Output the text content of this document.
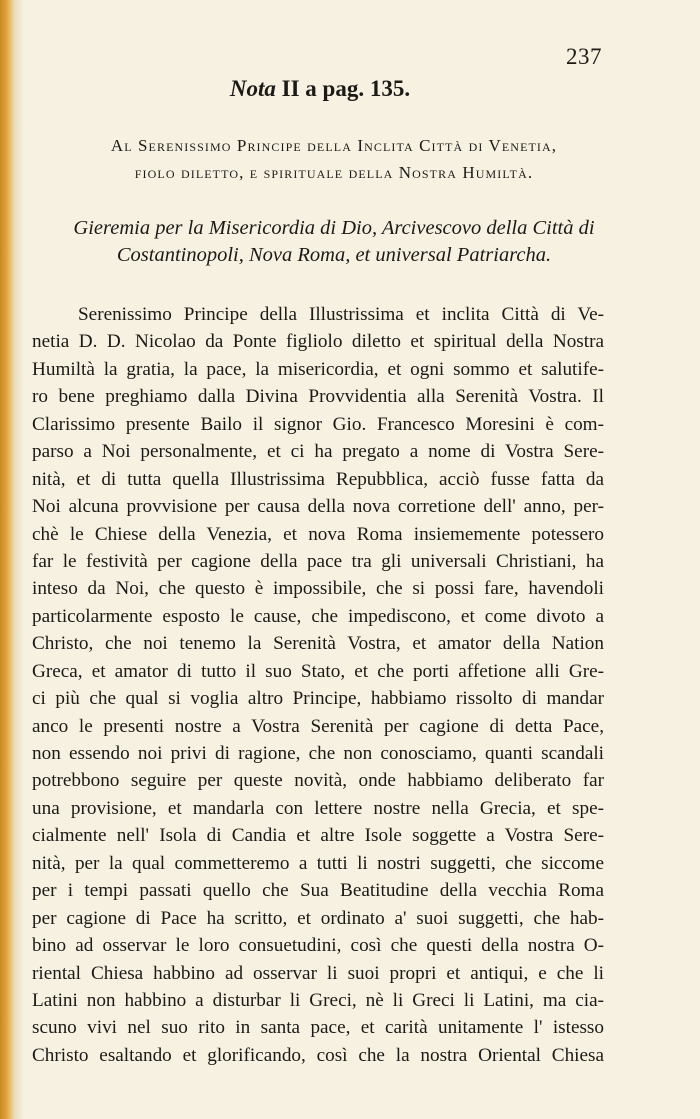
237
Nota II a pag. 135.
Al Serenissimo Principe della Inclita Città di Venetia,
fiolo diletto, e spirituale della Nostra Humiltà.
Gieremia per la Misericordia di Dio, Arcivescovo della Città di
Costantinopoli, Nova Roma, et universal Patriarcha.
Serenissimo Principe della Illustrissima et inclita Città di Ve-
netia D. D. Nicolao da Ponte figliolo diletto et spiritual della Nostra
Humiltà la gratia, la pace, la misericordia, et ogni sommo et salutife-
ro bene preghiamo dalla Divina Provvidentia alla Serenità Vostra. Il
Clarissimo presente Bailo il signor Gio. Francesco Moresini è com-
parso a Noi personalmente, et ci ha pregato a nome di Vostra Sere-
nità, et di tutta quella Illustrissima Repubblica, acciò fusse fatta da
Noi alcuna provvisione per causa della nova corretione dell' anno, per-
chè le Chiese della Venezia, et nova Roma insiememente potessero
far le festività per cagione della pace tra gli universali Christiani, ha
inteso da Noi, che questo è impossibile, che si possi fare, havendoli
particolarmente esposto le cause, che impediscono, et come divoto a
Christo, che noi tenemo la Serenità Vostra, et amator della Nation
Greca, et amator di tutto il suo Stato, et che porti affetione alli Gre-
ci più che qual si voglia altro Principe, habbiamo rissolto di mandar
anco le presenti nostre a Vostra Serenità per cagione di detta Pace,
non essendo noi privi di ragione, che non conosciamo, quanti scandali
potrebbono seguire per queste novità, onde habbiamo deliberato far
una provisione, et mandarla con lettere nostre nella Grecia, et spe-
cialmente nell' Isola di Candia et altre Isole soggette a Vostra Sere-
nità, per la qual commetteremo a tutti li nostri suggetti, che siccome
per i tempi passati quello che Sua Beatitudine della vecchia Roma
per cagione di Pace ha scritto, et ordinato a' suoi suggetti, che hab-
bino ad osservar le loro consuetudini, così che questi della nostra O-
riental Chiesa habbino ad osservar li suoi propri et antiqui, e che li
Latini non habbino a disturbar li Greci, nè li Greci li Latini, ma cia-
scuno vivi nel suo rito in santa pace, et carità unitamente l' istesso
Christo esaltando et glorificando, così che la nostra Oriental Chiesa
